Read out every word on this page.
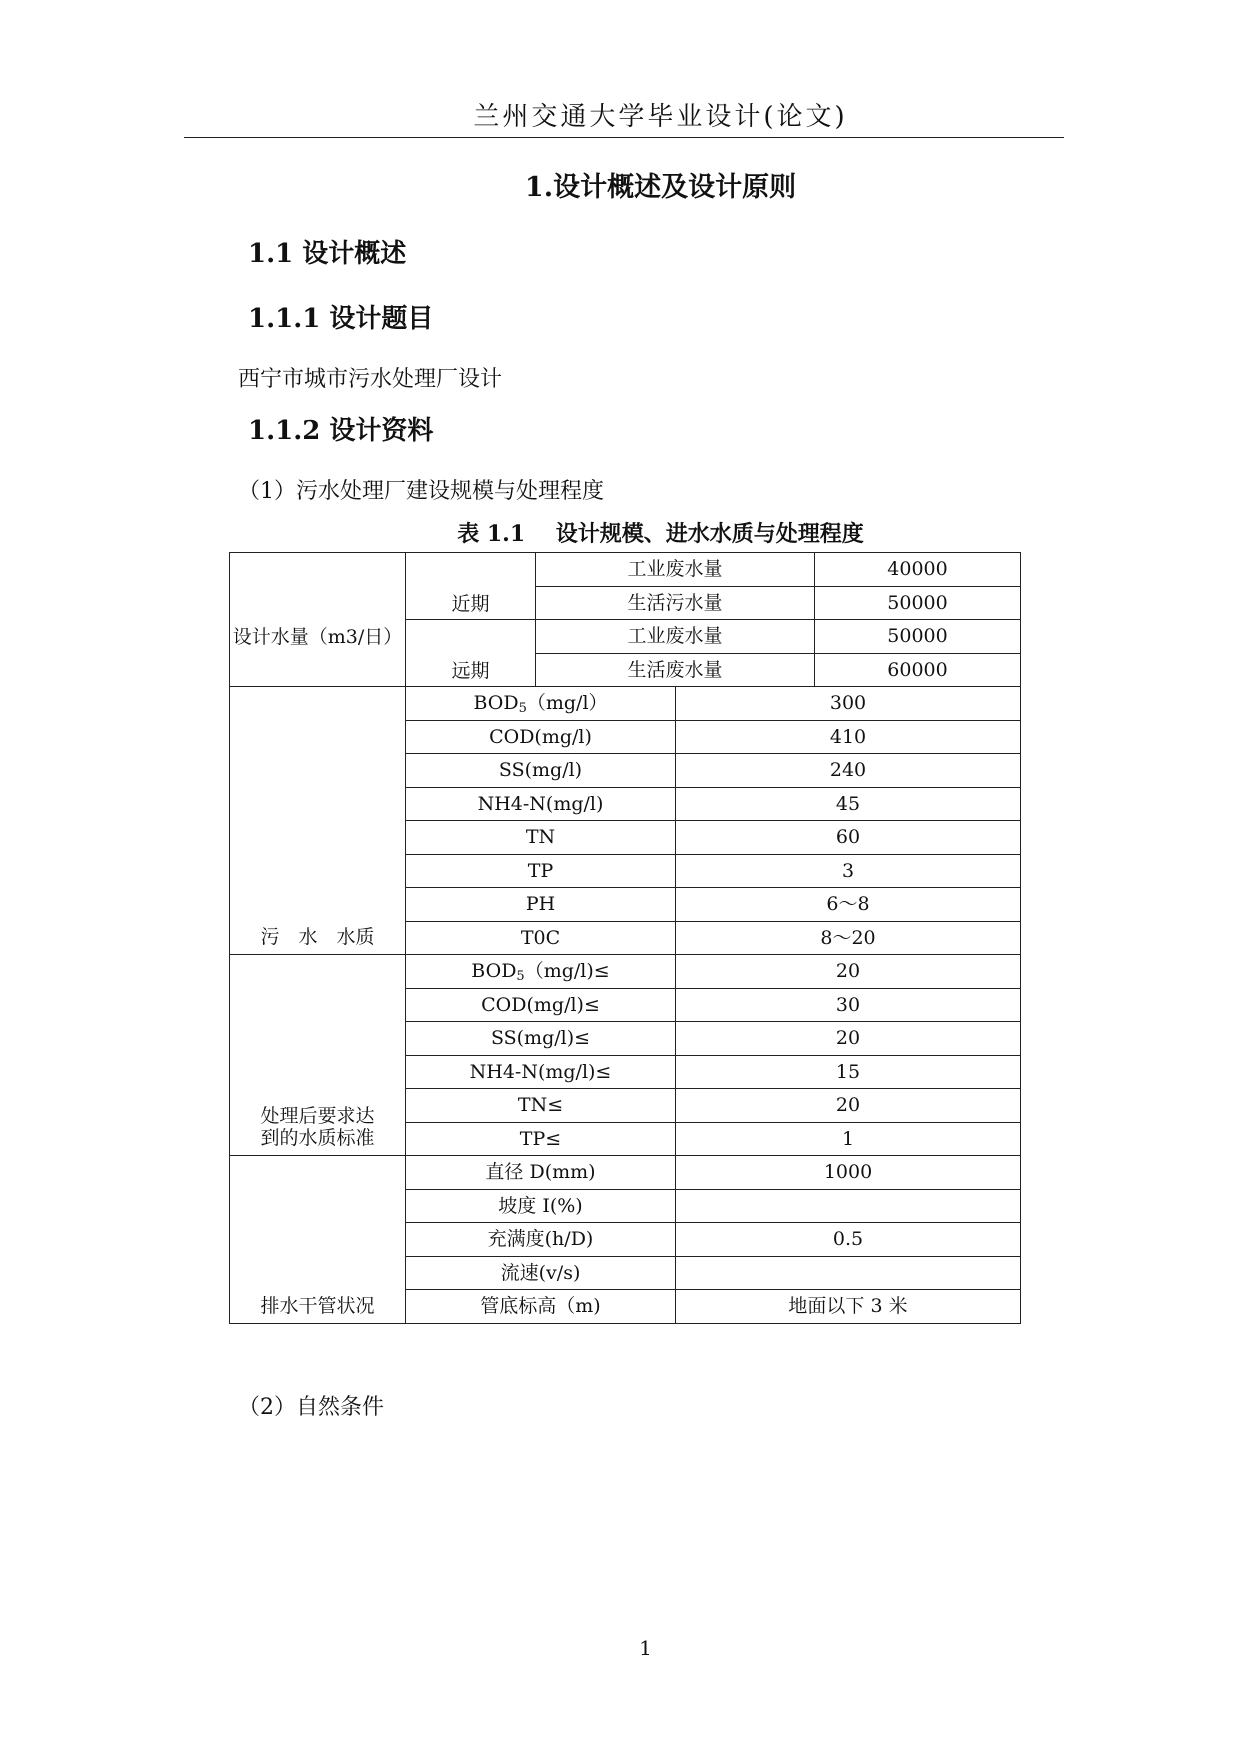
兰州交通大学毕业设计(论文)
1.设计概述及设计原则
1.1 设计概述
1.1.1 设计题目
西宁市城市污水处理厂设计
1.1.2 设计资料
（1）污水处理厂建设规模与处理程度
表 1.1    设计规模、进水水质与处理程度
设计水量（m3/日）	近期	工业废水量		40000
		生活污水量		50000
	远期	工业废水量		50000
		生活废水量		60000
污　水　水质	$BOD_5(mg/l)$		300	
	COD(mg/l)		410	
	SS(mg/l)		240	
	NH4-N(mg/l)		45	
	TN		60	
	TP		3	
	PH		6～8	
	T0C		8～20	
处理后要求达到的水质标准	$BOD_5(mg/l)\le$		20	
	COD(mg/l)≤		30	
	SS(mg/l)≤		20	
	NH4-N(mg/l)≤		15	
	TN≤		20	
	TP≤		1	
排水干管状况	直径 D(mm)		1000	
	坡度 I(%)			
	充满度(h/D)		0.5	
	流速(v/s)			
	管底标高（m)		地面以下 3 米	
（2）自然条件
1
